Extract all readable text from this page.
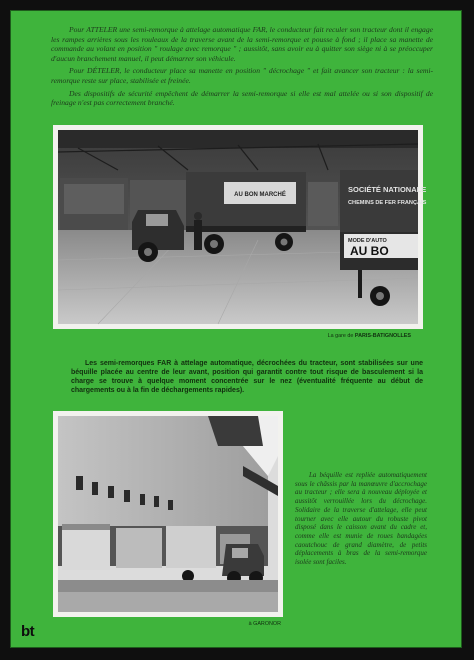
Pour ATTELER une semi-remorque à attelage automatique FAR, le conducteur fait reculer son tracteur dont il engage les rampes arrières sous les rouleaux de la traverse avant de la semi-remorque et pousse à fond ; il place sa manette de commande au volant en position " roulage avec remorque " ; aussitôt, sans avoir eu à quitter son siège ni à se préoccuper d'aucun branchement manuel, il peut démarrer son véhicule.

Pour DÉTELER, le conducteur place sa manette en position " décrochage " et fait avancer son tracteur : la semi-remorque reste sur place, stabilisée et freinée.

Des dispositifs de sécurité empêchent de démarrer la semi-remorque si elle est mal attelée ou si son dispositif de freinage n'est pas correctement branché.

AU BON MARCHÉ
SOCIÉTÉ NATIONALE
CHEMINS DE FER FRANÇAIS
MODE D'AUTO
AU BO
La gare de PARIS-BATIGNOLLES

Les semi-remorques FAR à attelage automatique, décrochées du tracteur, sont stabilisées sur une béquille placée au centre de leur avant, position qui garantit contre tout risque de basculement si la charge se trouve à quelque moment concentrée sur le nez (éventualité fréquente au début de chargements ou à la fin de déchargements rapides).

à GARONOR

La béquille est repliée automatiquement sous le châssis par la manœuvre d'accrochage au tracteur ; elle sera à nouveau déployée et aussitôt verrouillée lors du décrochage. Solidaire de la traverse d'attelage, elle peut tourner avec elle autour du robuste pivot disposé dans le caisson avant du cadre et, comme elle est munie de roues bandagées caoutchouc de grand diamètre, de petits déplacements à bras de la semi-remorque isolée sont faciles.

bt
